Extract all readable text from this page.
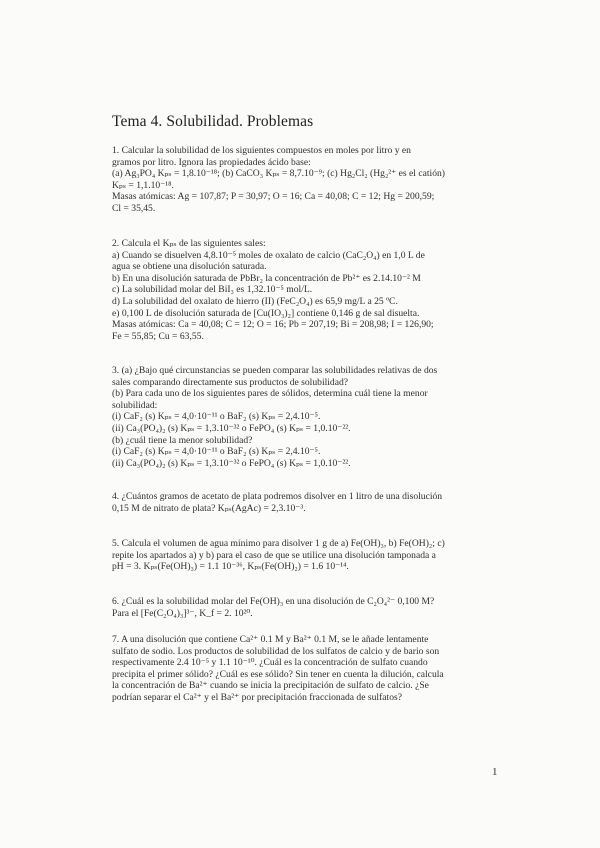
Tema 4. Solubilidad. Problemas
1. Calcular la solubilidad de los siguientes compuestos en moles por litro y en
gramos por litro. Ignora las propiedades ácido base:
(a) Ag₃PO₄ Kₚₛ = 1,8.10⁻¹⁸; (b) CaCO₃ Kₚₛ = 8,7.10⁻⁹; (c) Hg₂Cl₂ (Hg₂²⁺ es el catión)
Kₚₛ = 1,1.10⁻¹⁸.
Masas atómicas: Ag = 107,87; P = 30,97; O = 16; Ca = 40,08; C = 12; Hg = 200,59;
Cl = 35,45.
2. Calcula el Kₚₛ de las siguientes sales:
a) Cuando se disuelven 4,8.10⁻⁵ moles de oxalato de calcio (CaC₂O₄) en 1,0 L de
agua se obtiene una disolución saturada.
b) En una disolución saturada de PbBr₂ la concentración de Pb²⁺ es 2.14.10⁻² M
c) La solubilidad molar del BiI₃ es 1,32.10⁻⁵ mol/L.
d) La solubilidad del oxalato de hierro (II) (FeC₂O₄) es 65,9 mg/L a 25 ºC.
e) 0,100 L de disolución saturada de [Cu(IO₃)₂] contiene 0,146 g de sal disuelta.
Masas atómicas: Ca = 40,08; C = 12; O = 16; Pb = 207,19; Bi = 208,98; I = 126,90;
Fe = 55,85; Cu = 63,55.
3. (a) ¿Bajo qué circunstancias se pueden comparar las solubilidades relativas de dos
sales comparando directamente sus productos de solubilidad?
(b) Para cada uno de los siguientes pares de sólidos, determina cuál tiene la menor
solubilidad:
(i) CaF₂ (s) Kₚₛ = 4,0·10⁻¹¹ o BaF₂ (s) Kₚₛ = 2,4.10⁻⁵.
(ii) Ca₃(PO₄)₂ (s) Kₚₛ = 1,3.10⁻³² o FePO₄ (s) Kₚₛ = 1,0.10⁻²².
(b) ¿cuál tiene la menor solubilidad?
(i) CaF₂ (s) Kₚₛ = 4,0·10⁻¹¹ o BaF₂ (s) Kₚₛ = 2,4.10⁻⁵.
(ii) Ca₃(PO₄)₂ (s) Kₚₛ = 1,3.10⁻³² o FePO₄ (s) Kₚₛ = 1,0.10⁻²².
4. ¿Cuántos gramos de acetato de plata podremos disolver en 1 litro de una disolución
0,15 M de nitrato de plata? Kₚₛ(AgAc) = 2,3.10⁻³.
5. Calcula el volumen de agua mínimo para disolver 1 g de a) Fe(OH)₃, b) Fe(OH)₂; c)
repite los apartados a) y b) para el caso de que se utilice una disolución tamponada a
pH = 3. Kₚₛ(Fe(OH)₃) = 1.1 10⁻³⁶, Kₚₛ(Fe(OH)₂) = 1.6 10⁻¹⁴.
6. ¿Cuál es la solubilidad molar del Fe(OH)₃ en una disolución de C₂O₄²⁻ 0,100 M?
Para el [Fe(C₂O₄)₃]³⁻, K_f = 2. 10²⁰.
7. A una disolución que contiene Ca²⁺ 0.1 M y Ba²⁺ 0.1 M, se le añade lentamente
sulfato de sodio. Los productos de solubilidad de los sulfatos de calcio y de bario son
respectivamente 2.4 10⁻⁵ y 1.1 10⁻¹⁰. ¿Cuál es la concentración de sulfato cuando
precipita el primer sólido? ¿Cuál es ese sólido? Sin tener en cuenta la dilución, calcula
la concentración de Ba²⁺ cuando se inicia la precipitación de sulfato de calcio. ¿Se
podrían separar el Ca²⁺ y el Ba²⁺ por precipitación fraccionada de sulfatos?
1
